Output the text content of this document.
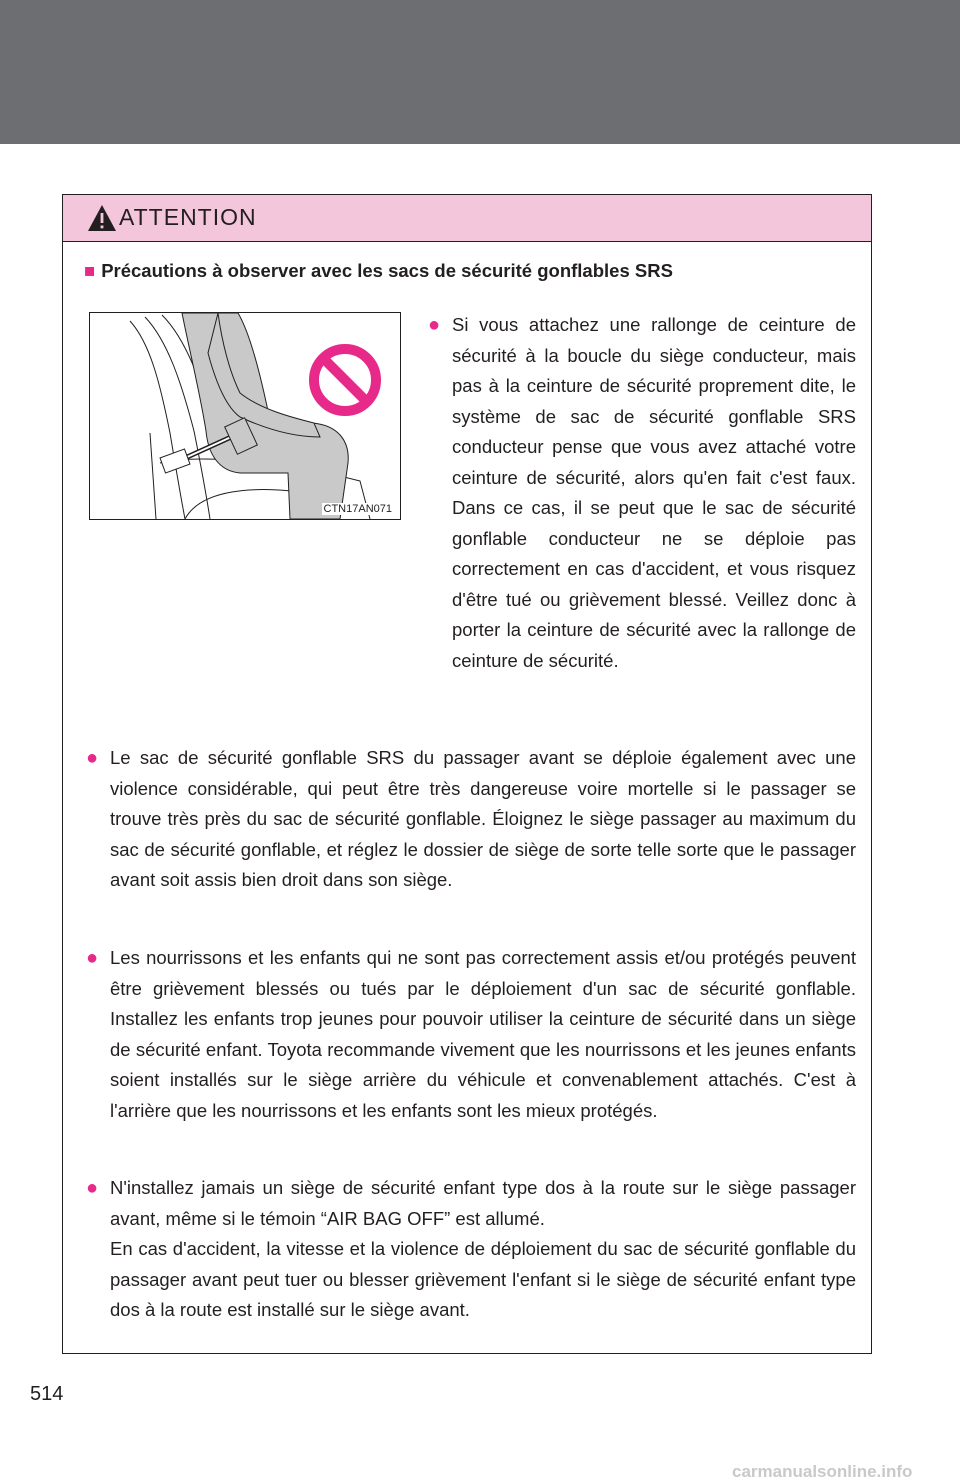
ATTENTION
■ Précautions à observer avec les sacs de sécurité gonflables SRS
CTN17AN071
● Si vous attachez une rallonge de ceinture de sécurité à la boucle du siège conducteur, mais pas à la ceinture de sécurité proprement dite, le système de sac de sécurité gonflable SRS conducteur pense que vous avez attaché votre ceinture de sécurité, alors qu'en fait c'est faux. Dans ce cas, il se peut que le sac de sécurité gonflable conducteur ne se déploie pas correctement en cas d'accident, et vous risquez d'être tué ou grièvement blessé. Veillez donc à porter la ceinture de sécurité avec la rallonge de ceinture de sécurité.
● Le sac de sécurité gonflable SRS du passager avant se déploie également avec une violence considérable, qui peut être très dangereuse voire mortelle si le passager se trouve très près du sac de sécurité gonflable. Éloignez le siège passager au maximum du sac de sécurité gonflable, et réglez le dossier de siège de sorte telle sorte que le passager avant soit assis bien droit dans son siège.
● Les nourrissons et les enfants qui ne sont pas correctement assis et/ou protégés peuvent être grièvement blessés ou tués par le déploiement d'un sac de sécurité gonflable. Installez les enfants trop jeunes pour pouvoir utiliser la ceinture de sécurité dans un siège de sécurité enfant. Toyota recommande vivement que les nourrissons et les jeunes enfants soient installés sur le siège arrière du véhicule et convenablement attachés. C'est à l'arrière que les nourrissons et les enfants sont les mieux protégés.
● N'installez jamais un siège de sécurité enfant type dos à la route sur le siège passager avant, même si le témoin “AIR BAG OFF” est allumé.
En cas d'accident, la vitesse et la violence de déploiement du sac de sécurité gonflable du passager avant peut tuer ou blesser grièvement l'enfant si le siège de sécurité enfant type dos à la route est installé sur le siège avant.
514
carmanualsonline.info
